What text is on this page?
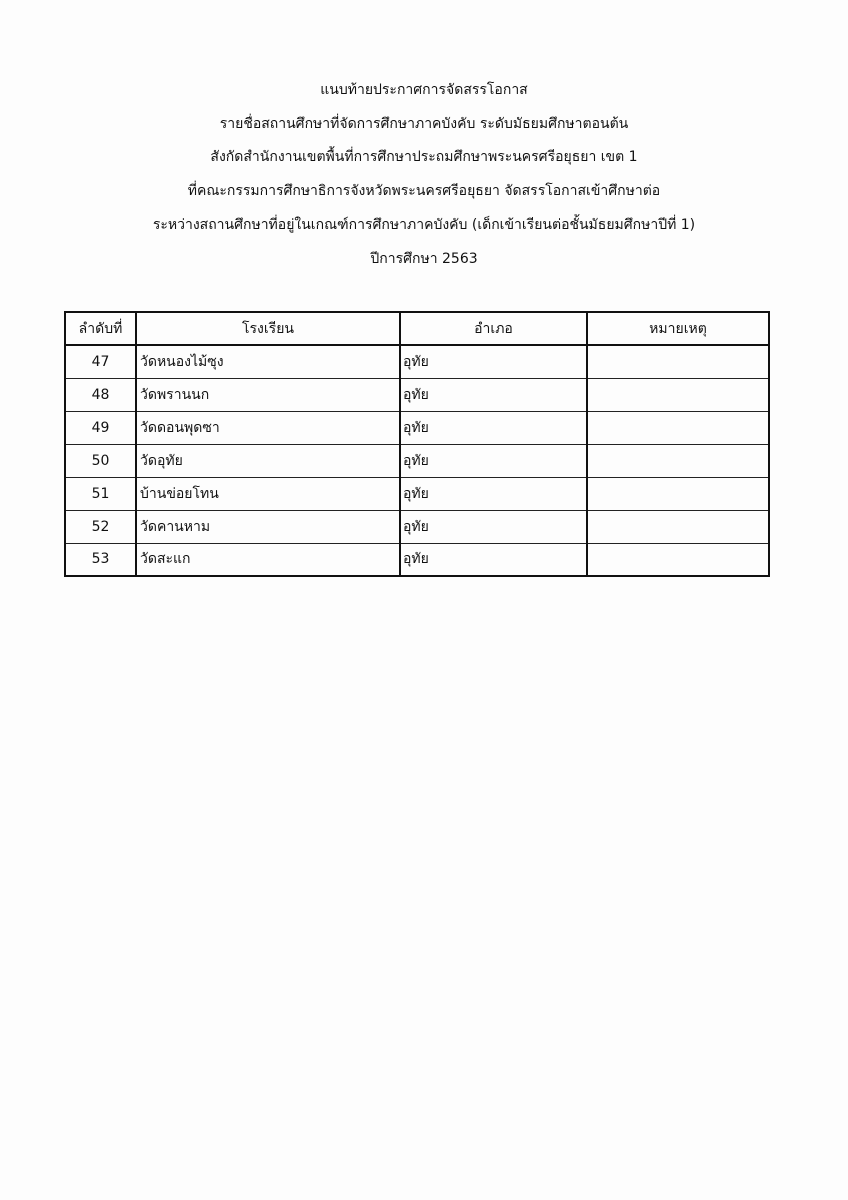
แนบท้ายประกาศการจัดสรรโอกาส
รายชื่อสถานศึกษาที่จัดการศึกษาภาคบังคับ ระดับมัธยมศึกษาตอนต้น
สังกัดสำนักงานเขตพื้นที่การศึกษาประถมศึกษาพระนครศรีอยุธยา เขต 1
ที่คณะกรรมการศึกษาธิการจังหวัดพระนครศรีอยุธยา จัดสรรโอกาสเข้าศึกษาต่อ
ระหว่างสถานศึกษาที่อยู่ในเกณฑ์การศึกษาภาคบังคับ (เด็กเข้าเรียนต่อชั้นมัธยมศึกษาปีที่ 1)
ปีการศึกษา 2563
ลำดับที่	โรงเรียน	อำเภอ	หมายเหตุ
47	วัดหนองไม้ซุง	อุทัย	
48	วัดพรานนก	อุทัย	
49	วัดดอนพุดซา	อุทัย	
50	วัดอุทัย	อุทัย	
51	บ้านข่อยโทน	อุทัย	
52	วัดคานหาม	อุทัย	
53	วัดสะแก	อุทัย	
